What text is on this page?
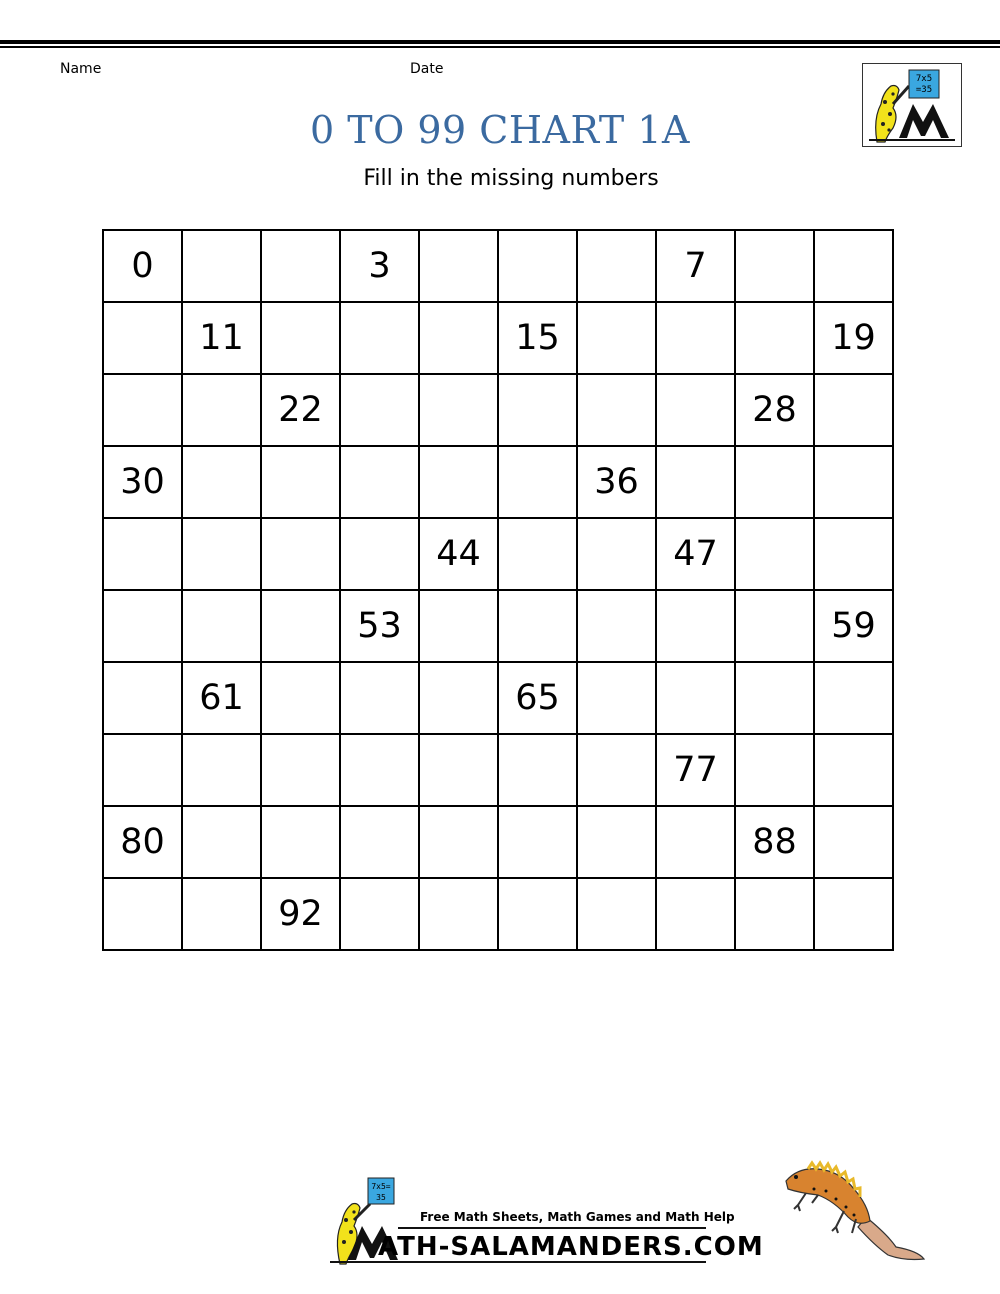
Name	Date
7x5
=35
0 TO 99 CHART 1A
Fill in the missing numbers
0			3				7		
	11				15				19
		22						28	
30						36			
				44			47		
			53						59
	61				65				
							77		
80								88	
		92							
7x5=
35
Free Math Sheets, Math Games and Math Help
ATH-SALAMANDERS.COM
